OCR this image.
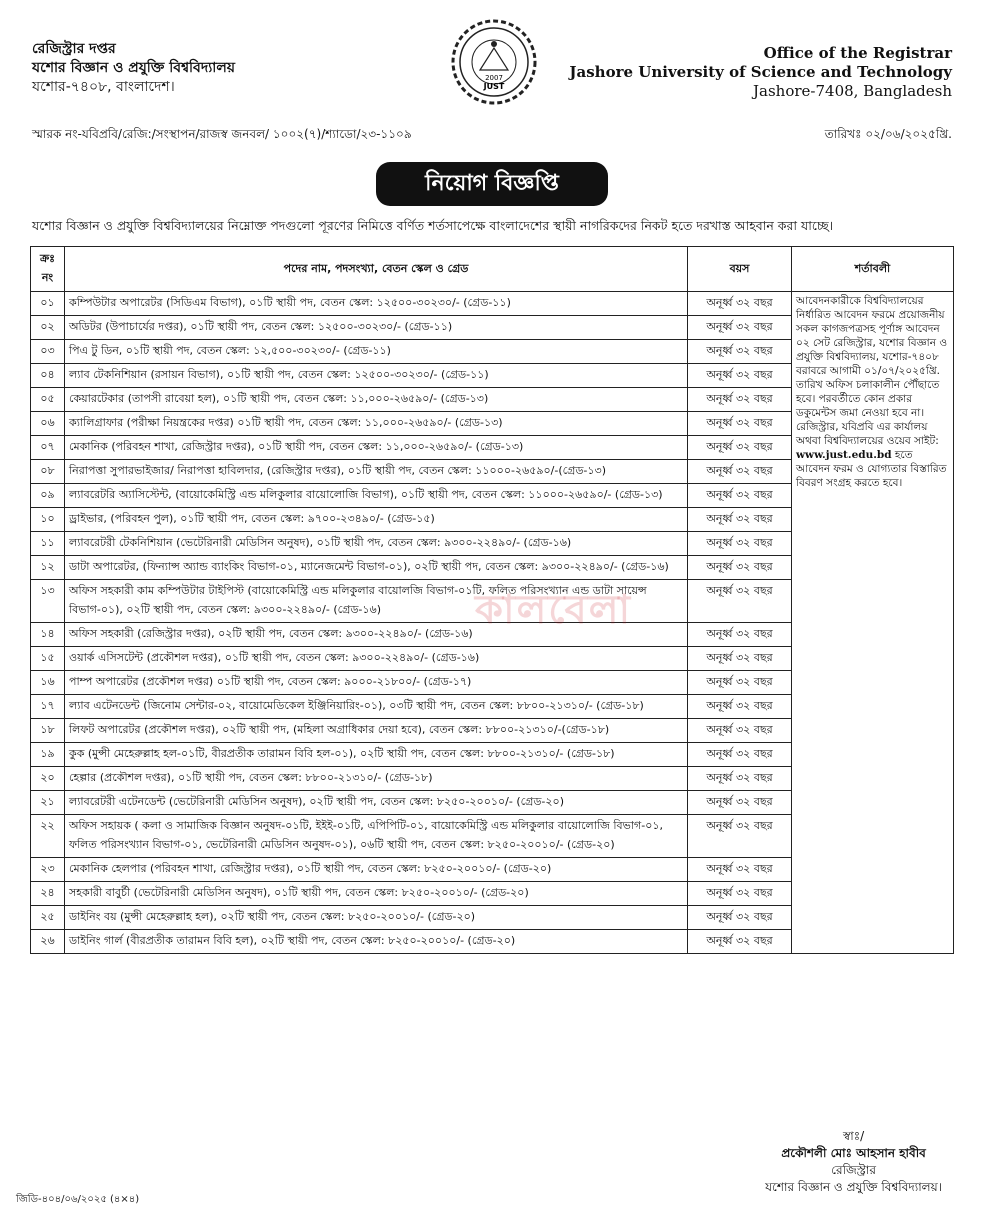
রেজিস্ট্রার দপ্তর
যশোর বিজ্ঞান ও প্রযুক্তি বিশ্ববিদ্যালয়
যশোর-৭৪০৮, বাংলাদেশ।
2007
JUST
Office of the Registrar
Jashore University of Science and Technology
Jashore-7408, Bangladesh
স্মারক নং-যবিপ্রবি/রেজি:/সংস্থাপন/রাজস্ব জনবল/ ১০০২(৭)/শ্যাডো/২৩-১১০৯	তারিখঃ ০২/০৬/২০২৫খ্রি.
নিয়োগ বিজ্ঞপ্তি
যশোর বিজ্ঞান ও প্রযুক্তি বিশ্ববিদ্যালয়ের নিম্নোক্ত পদগুলো পূরণের নিমিত্তে বর্ণিত শর্তসাপেক্ষে বাংলাদেশের স্থায়ী নাগরিকদের নিকট হতে দরখাস্ত আহবান করা যাচ্ছে।
ক্রঃ নং	পদের নাম, পদসংখ্যা, বেতন স্কেল ও গ্রেড	বয়স	শর্তাবলী
০১	কম্পিউটার অপারেটর (সিডিএম বিভাগ), ০১টি স্থায়ী পদ, বেতন স্কেল: ১২৫০০-৩০২৩০/- (গ্রেড-১১)	অনূর্ধ্ব ৩২ বছর	আবেদনকারীকে বিশ্ববিদ্যালয়ের নির্ধারিত আবেদন ফরমে প্রয়োজনীয় সকল কাগজপত্রসহ পূর্ণাঙ্গ আবেদন ০২ সেট রেজিস্ট্রার, যশোর বিজ্ঞান ও প্রযুক্তি বিশ্ববিদ্যালয়, যশোর-৭৪০৮ বরাবরে আগামী ০১/০৭/২০২৫খ্রি. তারিখ অফিস চলাকালীন পৌঁছাতে হবে। পরবর্তীতে কোন প্রকার ডকুমেন্টস জমা নেওয়া হবে না। রেজিস্ট্রার, যবিপ্রবি এর কার্যালয় অথবা বিশ্ববিদ্যালয়ের ওয়েব সাইট: www.just.edu.bd হতে আবেদন ফরম ও যোগ্যতার বিস্তারিত বিবরণ সংগ্রহ করতে হবে।
০২	অডিটর (উপাচার্যের দপ্তর), ০১টি স্থায়ী পদ, বেতন স্কেল: ১২৫০০-৩০২৩০/- (গ্রেড-১১)	অনূর্ধ্ব ৩২ বছর	
০৩	পিএ টু ডিন, ০১টি স্থায়ী পদ, বেতন স্কেল: ১২,৫০০-৩০২৩০/- (গ্রেড-১১)	অনূর্ধ্ব ৩২ বছর	
০৪	ল্যাব টেকনিশিয়ান (রসায়ন বিভাগ), ০১টি স্থায়ী পদ, বেতন স্কেল: ১২৫০০-৩০২৩০/- (গ্রেড-১১)	অনূর্ধ্ব ৩২ বছর	
০৫	কেয়ারটেকার (তাপসী রাবেয়া হল), ০১টি স্থায়ী পদ, বেতন স্কেল: ১১,০০০-২৬৫৯০/- (গ্রেড-১৩)	অনূর্ধ্ব ৩২ বছর	
০৬	ক্যালিগ্রাফার (পরীক্ষা নিয়ন্ত্রকের দপ্তর) ০১টি স্থায়ী পদ, বেতন স্কেল: ১১,০০০-২৬৫৯০/- (গ্রেড-১৩)	অনূর্ধ্ব ৩২ বছর	
০৭	মেকানিক (পরিবহন শাখা, রেজিস্ট্রার দপ্তর), ০১টি স্থায়ী পদ, বেতন স্কেল: ১১,০০০-২৬৫৯০/- (গ্রেড-১৩)	অনূর্ধ্ব ৩২ বছর	
০৮	নিরাপত্তা সুপারভাইজার/ নিরাপত্তা হাবিলদার, (রেজিস্ট্রার দপ্তর), ০১টি স্থায়ী পদ, বেতন স্কেল: ১১০০০-২৬৫৯০/-(গ্রেড-১৩)	অনূর্ধ্ব ৩২ বছর	
০৯	ল্যাবরেটরি অ্যাসিস্টেন্ট, (বায়োকেমিস্ট্রি এন্ড মলিকুলার বায়োলোজি বিভাগ), ০১টি স্থায়ী পদ, বেতন স্কেল: ১১০০০-২৬৫৯০/- (গ্রেড-১৩)	অনূর্ধ্ব ৩২ বছর	
১০	ড্রাইভার, (পরিবহন পুল), ০১টি স্থায়ী পদ, বেতন স্কেল: ৯৭০০-২৩৪৯০/- (গ্রেড-১৫)	অনূর্ধ্ব ৩২ বছর	
১১	ল্যাবরেটরী টেকনিশিয়ান (ভেটেরিনারী মেডিসিন অনুষদ), ০১টি স্থায়ী পদ, বেতন স্কেল: ৯৩০০-২২৪৯০/- (গ্রেড-১৬)	অনূর্ধ্ব ৩২ বছর	
১২	ডাটা অপারেটর, (ফিন্যান্স অ্যান্ড ব্যাংকিং বিভাগ-০১, ম্যানেজমেন্ট বিভাগ-০১), ০২টি স্থায়ী পদ, বেতন স্কেল: ৯৩০০-২২৪৯০/- (গ্রেড-১৬)	অনূর্ধ্ব ৩২ বছর	
১৩	অফিস সহকারী কাম কম্পিউটার টাইপিস্ট (বায়োকেমিস্ট্রি এন্ড মলিকুলার বায়োলজি বিভাগ-০১টি, ফলিত পরিসংখ্যান এন্ড ডাটা সায়েন্স বিভাগ-০১), ০২টি স্থায়ী পদ, বেতন স্কেল: ৯৩০০-২২৪৯০/- (গ্রেড-১৬)	অনূর্ধ্ব ৩২ বছর	
১৪	অফিস সহকারী (রেজিস্ট্রার দপ্তর), ০২টি স্থায়ী পদ, বেতন স্কেল: ৯৩০০-২২৪৯০/- (গ্রেড-১৬)	অনূর্ধ্ব ৩২ বছর	
১৫	ওয়ার্ক এসিসটেন্ট (প্রকৌশল দপ্তর), ০১টি স্থায়ী পদ, বেতন স্কেল: ৯৩০০-২২৪৯০/- (গ্রেড-১৬)	অনূর্ধ্ব ৩২ বছর	
১৬	পাম্প অপারেটর (প্রকৌশল দপ্তর) ০১টি স্থায়ী পদ, বেতন স্কেল: ৯০০০-২১৮০০/- (গ্রেড-১৭)	অনূর্ধ্ব ৩২ বছর	
১৭	ল্যাব এটেনডেন্ট (জিনোম সেন্টার-০২, বায়োমেডিকেল ইঞ্জিনিয়ারিং-০১), ০৩টি স্থায়ী পদ, বেতন স্কেল: ৮৮০০-২১৩১০/- (গ্রেড-১৮)	অনূর্ধ্ব ৩২ বছর	
১৮	লিফট অপারেটর (প্রকৌশল দপ্তর), ০২টি স্থায়ী পদ, (মহিলা অগ্রাধিকার দেয়া হবে), বেতন স্কেল: ৮৮০০-২১৩১০/-(গ্রেড-১৮)	অনূর্ধ্ব ৩২ বছর	
১৯	কুক (মুন্সী মেহেরুল্লাহ হল-০১টি, বীরপ্রতীক তারামন বিবি হল-০১), ০২টি স্থায়ী পদ, বেতন স্কেল: ৮৮০০-২১৩১০/- (গ্রেড-১৮)	অনূর্ধ্ব ৩২ বছর	
২০	হেল্পার (প্রকৌশল দপ্তর), ০১টি স্থায়ী পদ, বেতন স্কেল: ৮৮০০-২১৩১০/- (গ্রেড-১৮)	অনূর্ধ্ব ৩২ বছর	
২১	ল্যাবরেটরী এটেনডেন্ট (ভেটেরিনারী মেডিসিন অনুষদ), ০২টি স্থায়ী পদ, বেতন স্কেল: ৮২৫০-২০০১০/- (গ্রেড-২০)	অনূর্ধ্ব ৩২ বছর	
২২	অফিস সহায়ক ( কলা ও সামাজিক বিজ্ঞান অনুষদ-০১টি, ইইই-০১টি, এপিপিটি-০১, বায়োকেমিস্ট্রি এন্ড মলিকুলার বায়োলোজি বিভাগ-০১, ফলিত পরিসংখ্যান বিভাগ-০১, ভেটেরিনারী মেডিসিন অনুষদ-০১), ০৬টি স্থায়ী পদ, বেতন স্কেল: ৮২৫০-২০০১০/- (গ্রেড-২০)	অনূর্ধ্ব ৩২ বছর	
২৩	মেকানিক হেলপার (পরিবহন শাখা, রেজিস্ট্রার দপ্তর), ০১টি স্থায়ী পদ, বেতন স্কেল: ৮২৫০-২০০১০/- (গ্রেড-২০)	অনূর্ধ্ব ৩২ বছর	
২৪	সহকারী বাবুর্চী (ভেটেরিনারী মেডিসিন অনুষদ), ০১টি স্থায়ী পদ, বেতন স্কেল: ৮২৫০-২০০১০/- (গ্রেড-২০)	অনূর্ধ্ব ৩২ বছর	
২৫	ডাইনিং বয় (মুন্সী মেহেরুল্লাহ হল), ০২টি স্থায়ী পদ, বেতন স্কেল: ৮২৫০-২০০১০/- (গ্রেড-২০)	অনূর্ধ্ব ৩২ বছর	
২৬	ডাইনিং গার্ল (বীরপ্রতীক তারামন বিবি হল), ০২টি স্থায়ী পদ, বেতন স্কেল: ৮২৫০-২০০১০/- (গ্রেড-২০)	অনূর্ধ্ব ৩২ বছর	
স্বাঃ/
প্রকৌশলী মোঃ আহসান হাবীব
রেজিস্ট্রার
যশোর বিজ্ঞান ও প্রযুক্তি বিশ্ববিদ্যালয়।
জিডি-৪০৪/০৬/২০২৫ (৪×৪)
কালবেলা
